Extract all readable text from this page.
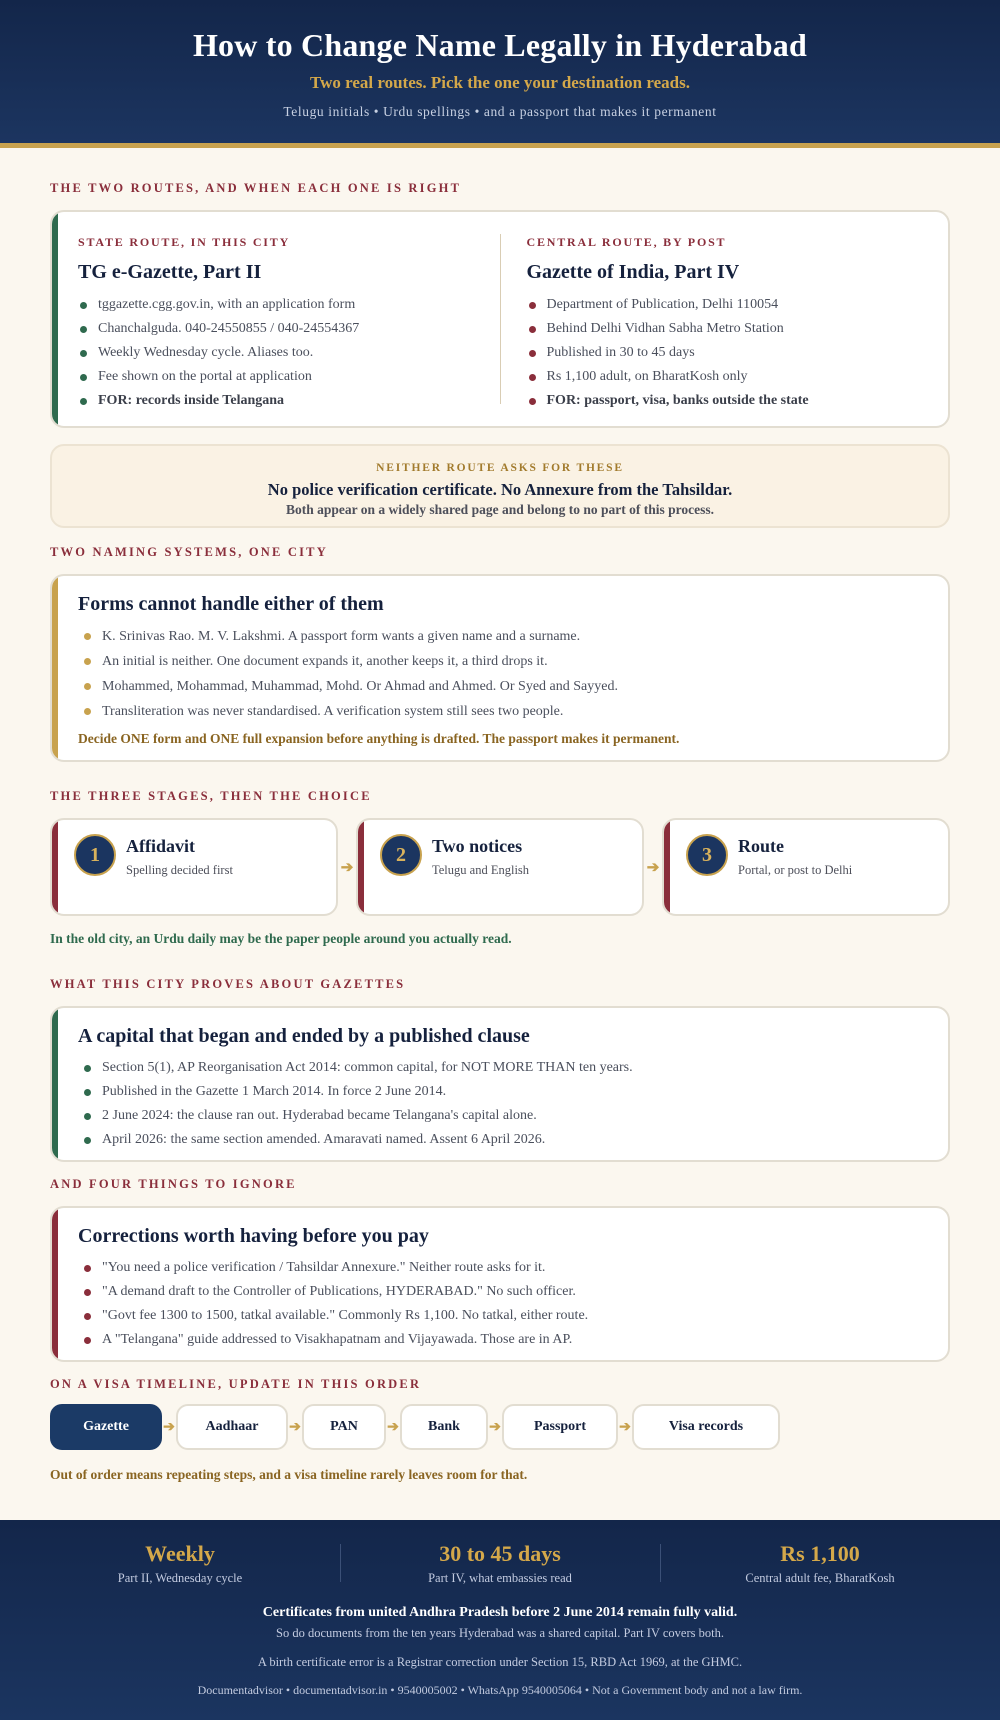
How to Change Name Legally in Hyderabad
Two real routes. Pick the one your destination reads.
Telugu initials • Urdu spellings • and a passport that makes it permanent
THE TWO ROUTES, AND WHEN EACH ONE IS RIGHT
STATE ROUTE, IN THIS CITY
TG e-Gazette, Part II
tggazette.cgg.gov.in, with an application form
Chanchalguda. 040-24550855 / 040-24554367
Weekly Wednesday cycle. Aliases too.
Fee shown on the portal at application
FOR: records inside Telangana
CENTRAL ROUTE, BY POST
Gazette of India, Part IV
Department of Publication, Delhi 110054
Behind Delhi Vidhan Sabha Metro Station
Published in 30 to 45 days
Rs 1,100 adult, on BharatKosh only
FOR: passport, visa, banks outside the state
NEITHER ROUTE ASKS FOR THESE
No police verification certificate. No Annexure from the Tahsildar.
Both appear on a widely shared page and belong to no part of this process.
TWO NAMING SYSTEMS, ONE CITY
Forms cannot handle either of them
K. Srinivas Rao. M. V. Lakshmi. A passport form wants a given name and a surname.
An initial is neither. One document expands it, another keeps it, a third drops it.
Mohammed, Mohammad, Muhammad, Mohd. Or Ahmad and Ahmed. Or Syed and Sayyed.
Transliteration was never standardised. A verification system still sees two people.
Decide ONE form and ONE full expansion before anything is drafted. The passport makes it permanent.
THE THREE STAGES, THEN THE CHOICE
1	Affidavit
Spelling decided first	➔
2	Two notices
Telugu and English	➔
3	Route
Portal, or post to Delhi
In the old city, an Urdu daily may be the paper people around you actually read.
WHAT THIS CITY PROVES ABOUT GAZETTES
A capital that began and ended by a published clause
Section 5(1), AP Reorganisation Act 2014: common capital, for NOT MORE THAN ten years.
Published in the Gazette 1 March 2014. In force 2 June 2014.
2 June 2024: the clause ran out. Hyderabad became Telangana's capital alone.
April 2026: the same section amended. Amaravati named. Assent 6 April 2026.
AND FOUR THINGS TO IGNORE
Corrections worth having before you pay
"You need a police verification / Tahsildar Annexure." Neither route asks for it.
"A demand draft to the Controller of Publications, HYDERABAD." No such officer.
"Govt fee 1300 to 1500, tatkal available." Commonly Rs 1,100. No tatkal, either route.
A "Telangana" guide addressed to Visakhapatnam and Vijayawada. Those are in AP.
ON A VISA TIMELINE, UPDATE IN THIS ORDER
Gazette	➔	Aadhaar	➔	PAN	➔	Bank	➔	Passport	➔	Visa records
Out of order means repeating steps, and a visa timeline rarely leaves room for that.
Weekly
Part II, Wednesday cycle
30 to 45 days
Part IV, what embassies read
Rs 1,100
Central adult fee, BharatKosh
Certificates from united Andhra Pradesh before 2 June 2014 remain fully valid.
So do documents from the ten years Hyderabad was a shared capital. Part IV covers both.
A birth certificate error is a Registrar correction under Section 15, RBD Act 1969, at the GHMC.
Documentadvisor • documentadvisor.in • 9540005002 • WhatsApp 9540005064 • Not a Government body and not a law firm.
